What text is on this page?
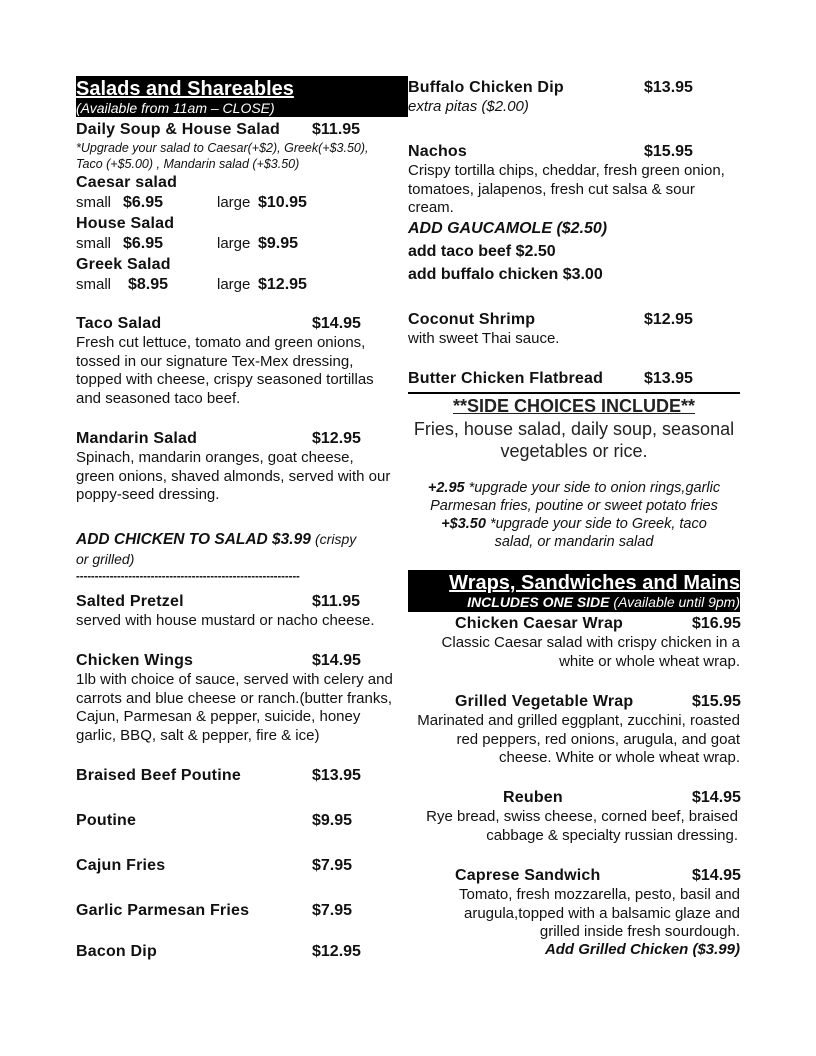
Salads and Shareables
(Available from 11am – CLOSE)
Daily Soup & House Salad $11.95
*Upgrade your salad to Caesar(+$2), Greek(+$3.50),
Taco (+$5.00) , Mandarin salad (+$3.50)
Caesar salad
small $6.95	large $10.95
House Salad
small $6.95	large $9.95
Greek Salad
small $8.95	large $12.95
Taco Salad	$14.95
Fresh cut lettuce, tomato and green onions, tossed in our signature Tex-Mex dressing, topped with cheese, crispy seasoned tortillas and seasoned taco beef.
Mandarin Salad	$12.95
Spinach, mandarin oranges, goat cheese, green onions, shaved almonds, served with our poppy-seed dressing.
ADD CHICKEN TO SALAD $3.99 (crispy
or grilled)
------------------------------------------------------------
Salted Pretzel	$11.95
served with house mustard or nacho cheese.
Chicken Wings	$14.95
1lb with choice of sauce, served with celery and carrots and blue cheese or ranch.(butter franks, Cajun, Parmesan & pepper, suicide, honey garlic, BBQ, salt & pepper, fire & ice)
Braised Beef Poutine	$13.95
Poutine	$9.95
Cajun Fries	$7.95
Garlic Parmesan Fries	$7.95
Bacon Dip	$12.95
Buffalo Chicken Dip	$13.95
extra pitas ($2.00)
Nachos	$15.95
Crispy tortilla chips, cheddar, fresh green onion, tomatoes, jalapenos, fresh cut salsa & sour cream.
ADD GAUCAMOLE ($2.50)
add taco beef $2.50
add buffalo chicken $3.00
Coconut Shrimp	$12.95
with sweet Thai sauce.
Butter Chicken Flatbread	$13.95
**SIDE CHOICES INCLUDE**
Fries, house salad, daily soup, seasonal vegetables or rice.
+2.95 *upgrade your side to onion rings,garlic Parmesan fries, poutine or sweet potato fries
+$3.50 *upgrade your side to Greek, taco salad, or mandarin salad
Wraps, Sandwiches and Mains
INCLUDES ONE SIDE (Available until 9pm)
Chicken Caesar Wrap	$16.95
Classic Caesar salad with crispy chicken in a white or whole wheat wrap.
Grilled Vegetable Wrap	$15.95
Marinated and grilled eggplant, zucchini, roasted red peppers, red onions, arugula, and goat cheese. White or whole wheat wrap.
Reuben	$14.95
Rye bread, swiss cheese, corned beef, braised cabbage & specialty russian dressing.
Caprese Sandwich	$14.95
Tomato, fresh mozzarella, pesto, basil and arugula,topped with a balsamic glaze and grilled inside fresh sourdough.
Add Grilled Chicken ($3.99)
